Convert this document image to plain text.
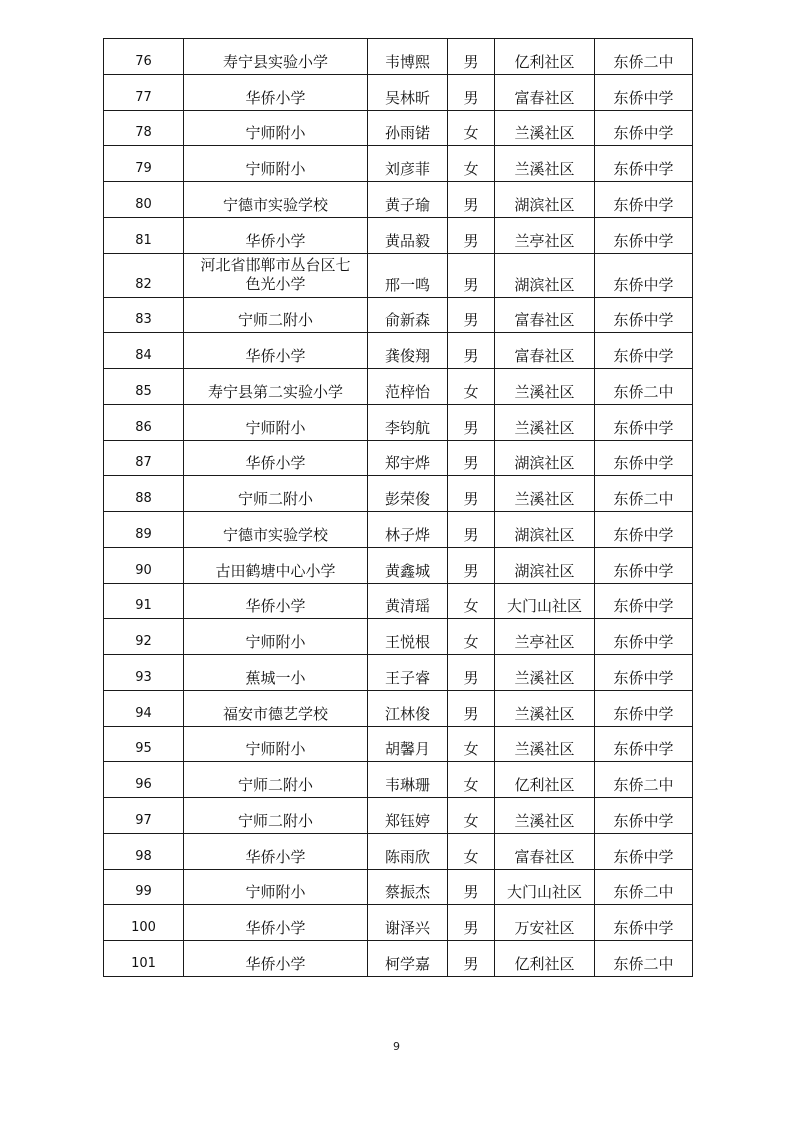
76	寿宁县实验小学	韦博熙	男	亿利社区	东侨二中
77	华侨小学	吴林昕	男	富春社区	东侨中学
78	宁师附小	孙雨锘	女	兰溪社区	东侨中学
79	宁师附小	刘彦菲	女	兰溪社区	东侨中学
80	宁德市实验学校	黄子瑜	男	湖滨社区	东侨中学
81	华侨小学	黄品毅	男	兰亭社区	东侨中学
82	河北省邯郸市丛台区七色光小学	邢一鸣	男	湖滨社区	东侨中学
83	宁师二附小	俞新森	男	富春社区	东侨中学
84	华侨小学	龚俊翔	男	富春社区	东侨中学
85	寿宁县第二实验小学	范梓怡	女	兰溪社区	东侨二中
86	宁师附小	李钧航	男	兰溪社区	东侨中学
87	华侨小学	郑宇烨	男	湖滨社区	东侨中学
88	宁师二附小	彭荣俊	男	兰溪社区	东侨二中
89	宁德市实验学校	林子烨	男	湖滨社区	东侨中学
90	古田鹤塘中心小学	黄鑫城	男	湖滨社区	东侨中学
91	华侨小学	黄清瑶	女	大门山社区	东侨中学
92	宁师附小	王悦根	女	兰亭社区	东侨中学
93	蕉城一小	王子睿	男	兰溪社区	东侨中学
94	福安市德艺学校	江林俊	男	兰溪社区	东侨中学
95	宁师附小	胡馨月	女	兰溪社区	东侨中学
96	宁师二附小	韦琳珊	女	亿利社区	东侨二中
97	宁师二附小	郑钰婷	女	兰溪社区	东侨中学
98	华侨小学	陈雨欣	女	富春社区	东侨中学
99	宁师附小	蔡振杰	男	大门山社区	东侨二中
100	华侨小学	谢泽兴	男	万安社区	东侨中学
101	华侨小学	柯学嘉	男	亿利社区	东侨二中
9
